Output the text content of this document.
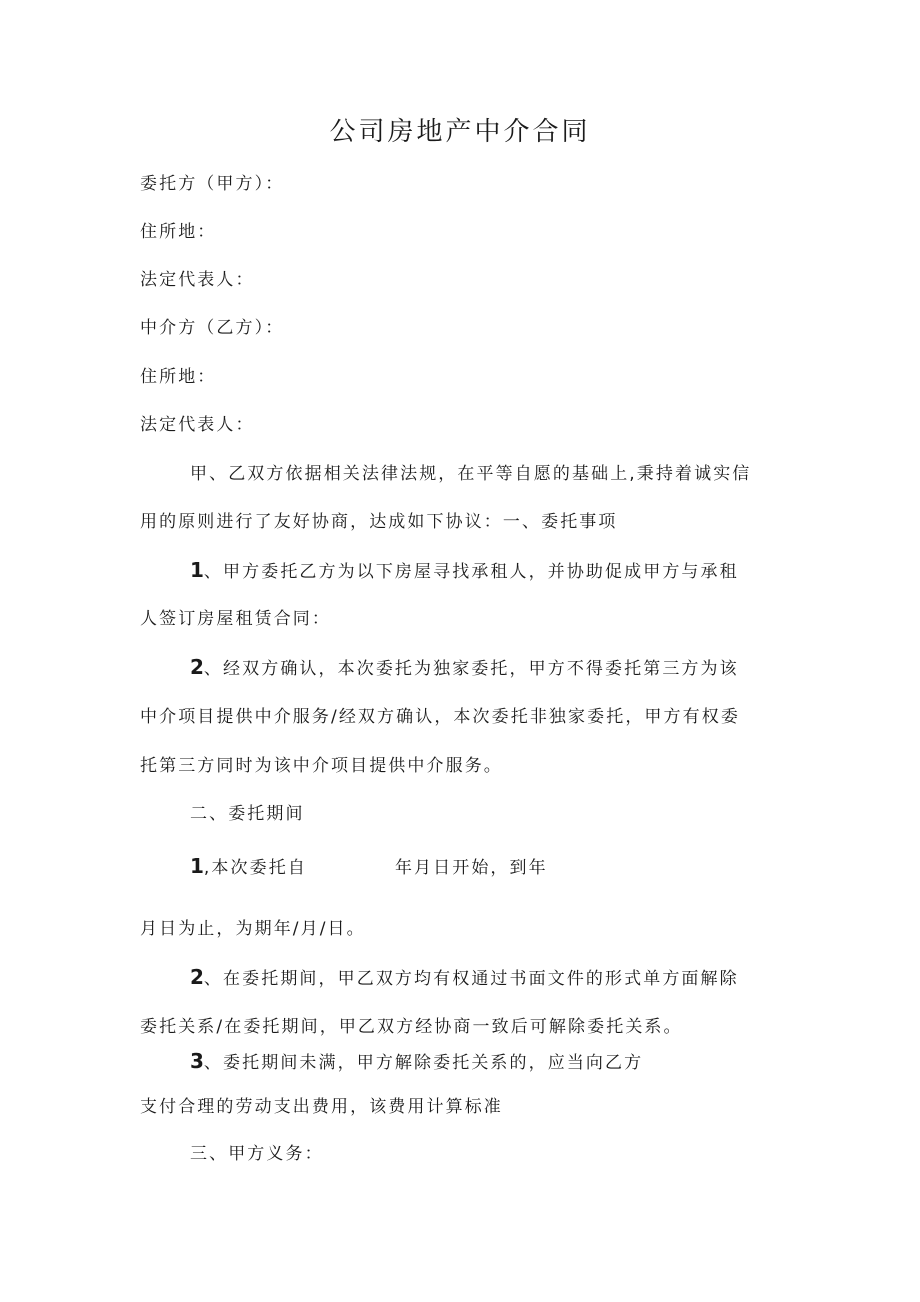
公司房地产中介合同
委托方（甲方）：
住所地：
法定代表人：
中介方（乙方）：
住所地：
法定代表人：
甲、乙双方依据相关法律法规，在平等自愿的基础上,秉持着诚实信
用的原则进行了友好协商，达成如下协议：一、委托事项
1、甲方委托乙方为以下房屋寻找承租人，并协助促成甲方与承租
人签订房屋租赁合同：
2、经双方确认，本次委托为独家委托，甲方不得委托第三方为该
中介项目提供中介服务/经双方确认，本次委托非独家委托，甲方有权委
托第三方同时为该中介项目提供中介服务。
二、委托期间
1,本次委托自	年月日开始，到年
月日为止，为期年/月/日。
2、在委托期间，甲乙双方均有权通过书面文件的形式单方面解除
委托关系/在委托期间，甲乙双方经协商一致后可解除委托关系。
3、委托期间未满，甲方解除委托关系的，应当向乙方
支付合理的劳动支出费用，该费用计算标准
三、甲方义务：
